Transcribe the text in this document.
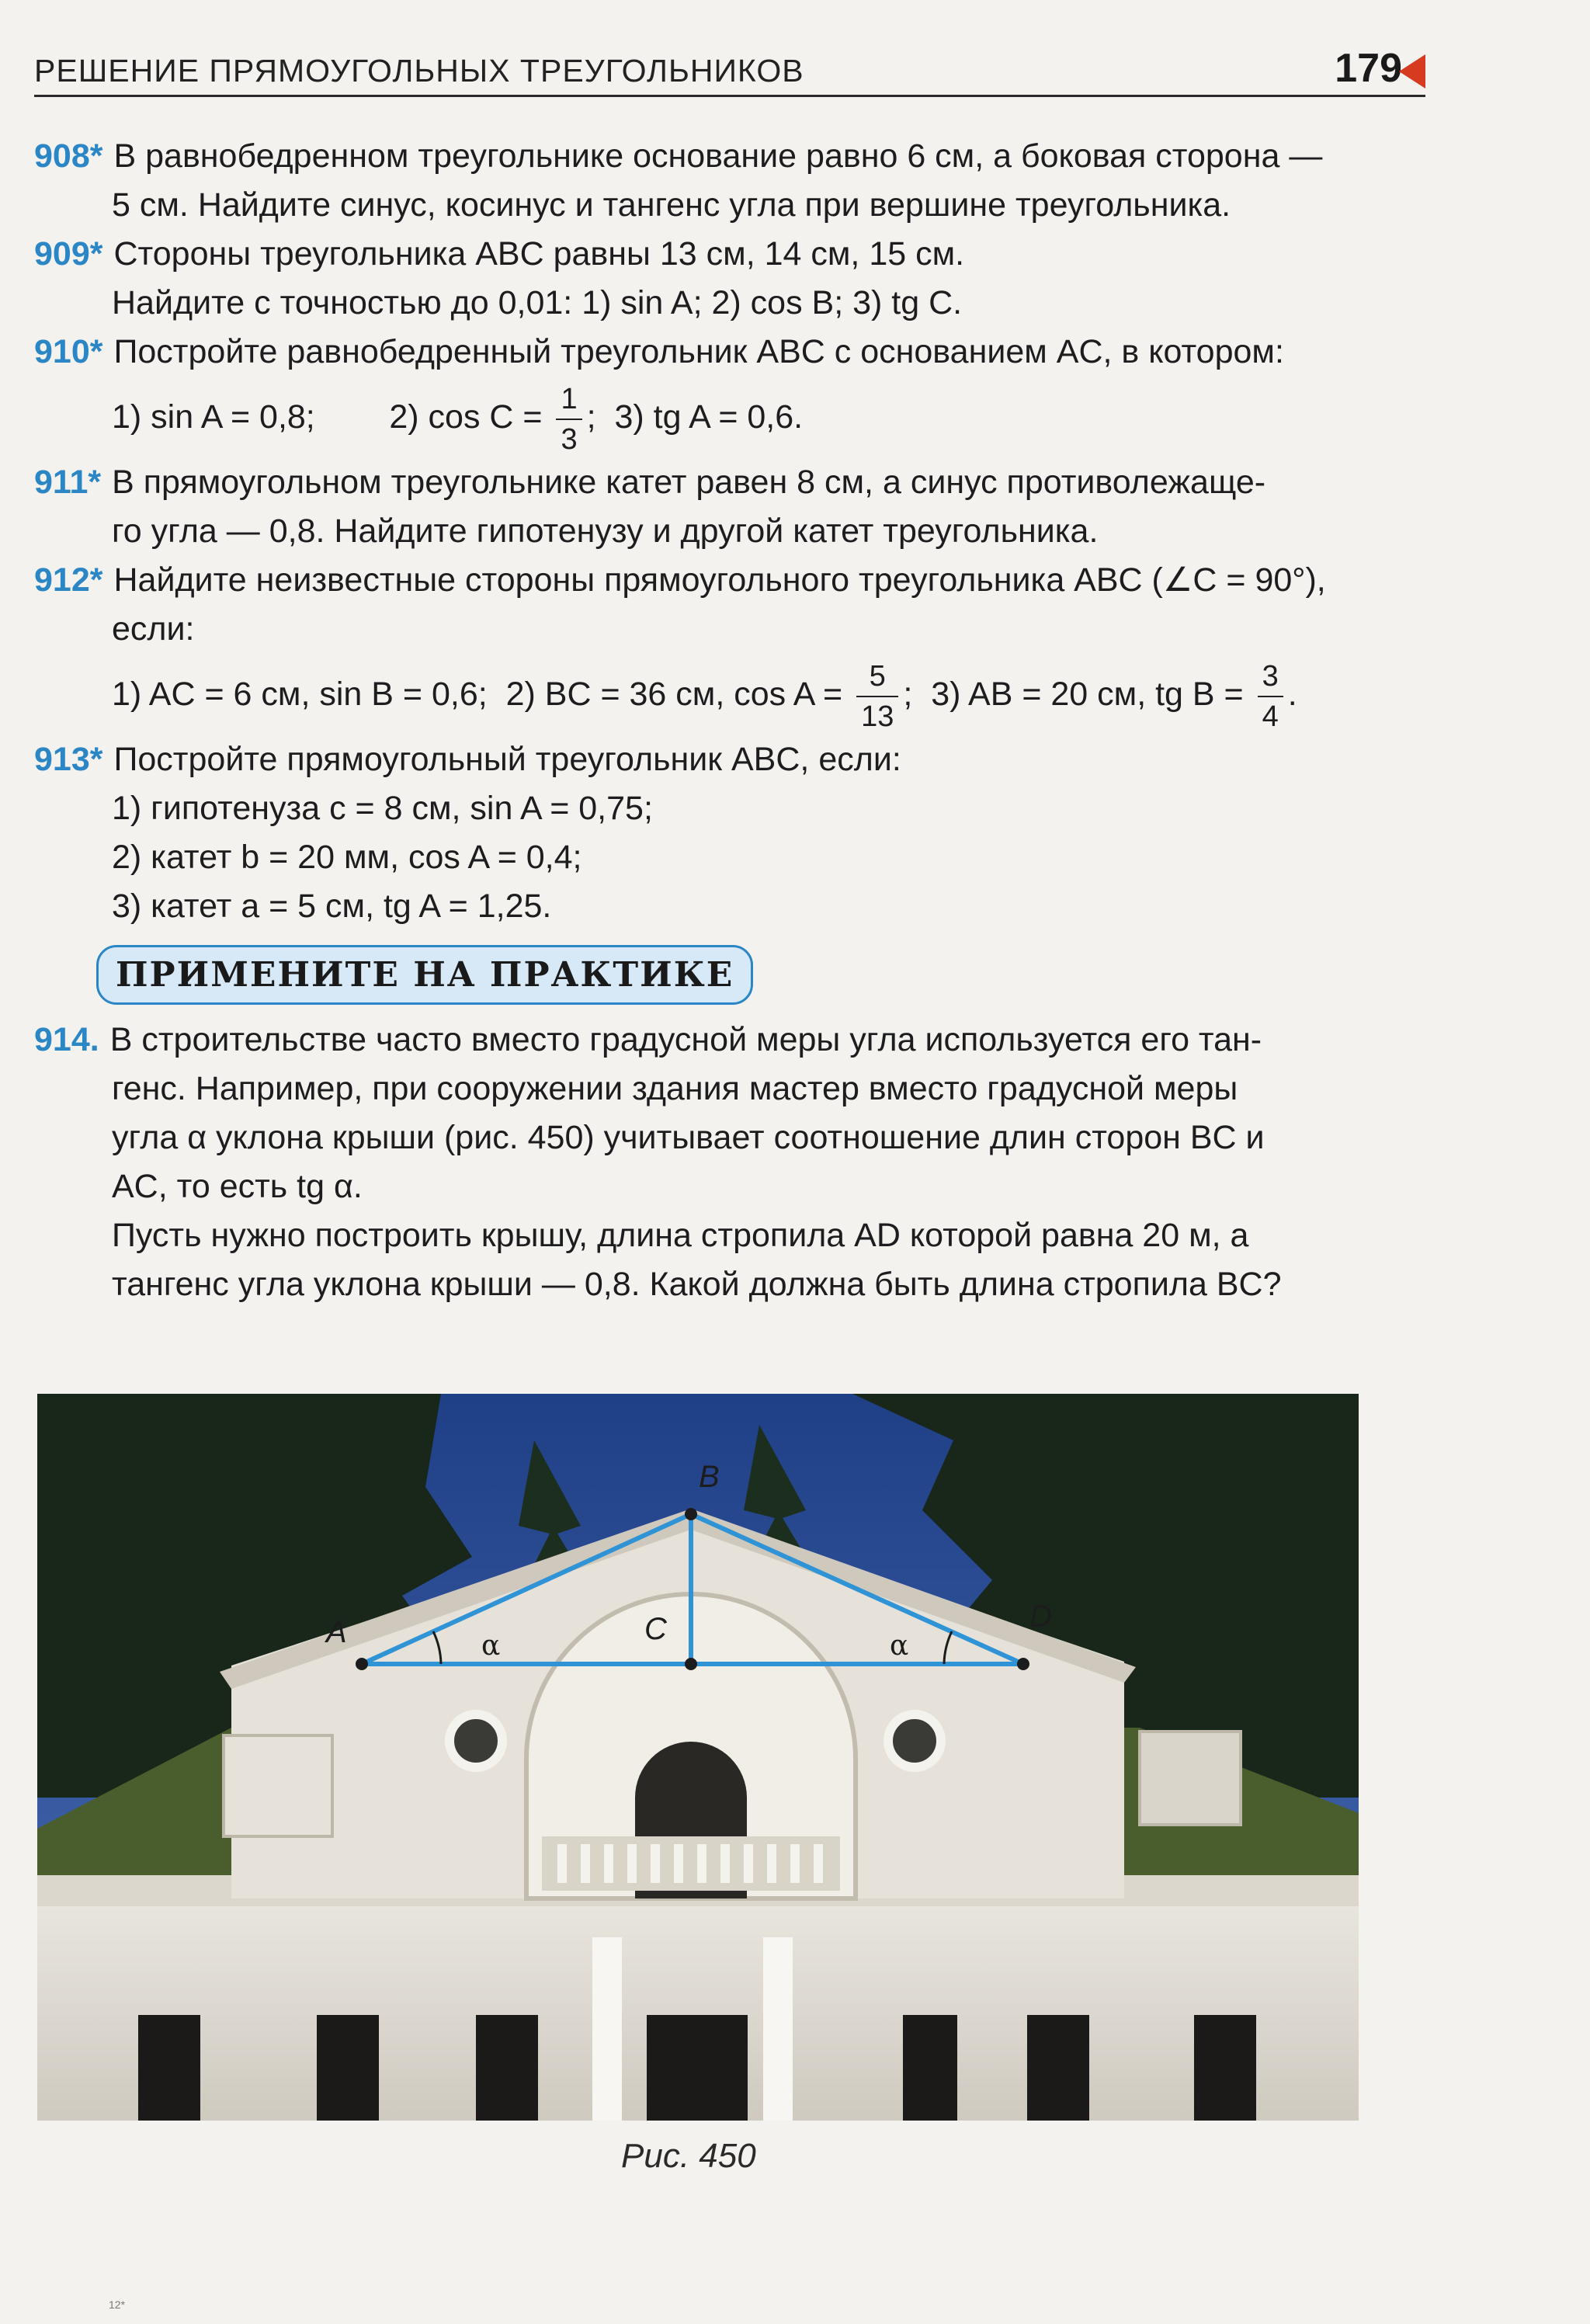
РЕШЕНИЕ ПРЯМОУГОЛЬНЫХ ТРЕУГОЛЬНИКОВ	179
908* В равнобедренном треугольнике основание равно 6 см, а боковая сторона —
5 см. Найдите синус, косинус и тангенс угла при вершине треугольника.
909* Стороны треугольника ABC равны 13 см, 14 см, 15 см.
Найдите с точностью до 0,01: 1) sin A; 2) cos B; 3) tg C.
910* Постройте равнобедренный треугольник ABC с основанием AC, в котором:
1) sin A = 0,8; 2) $\cos C = \frac{1}{3}$ ; 3) tg A = 0,6.
911* В прямоугольном треугольнике катет равен 8 см, а синус противолежаще-
го угла — 0,8. Найдите гипотенузу и другой катет треугольника.
912* Найдите неизвестные стороны прямоугольного треугольника ABC (∠C = 90°),
если:
1) AC = 6 см, sin B = 0,6; 2) BC = 36 см, $\cos A = \frac{5}{13}$ ; 3) AB = 20 см, tg $B = \frac{3}{4}$ .
913* Постройте прямоугольный треугольник ABC, если:
1) гипотенуза c = 8 см, sin A = 0,75;
2) катет b = 20 мм, cos A = 0,4;
3) катет a = 5 см, tg A = 1,25.
ПРИМЕНИТЕ НА ПРАКТИКЕ
914. В строительстве часто вместо градусной меры угла используется его тан-
генс. Например, при сооружении здания мастер вместо градусной меры
угла α уклона крыши (рис. 450) учитывает соотношение длин сторон BC и
AC, то есть tg α.
Пусть нужно построить крышу, длина стропила AD которой равна 20 м, а
тангенс угла уклона крыши — 0,8. Какой должна быть длина стропила BC?
A
B
C	D
α	α
Рис. 450
12*
